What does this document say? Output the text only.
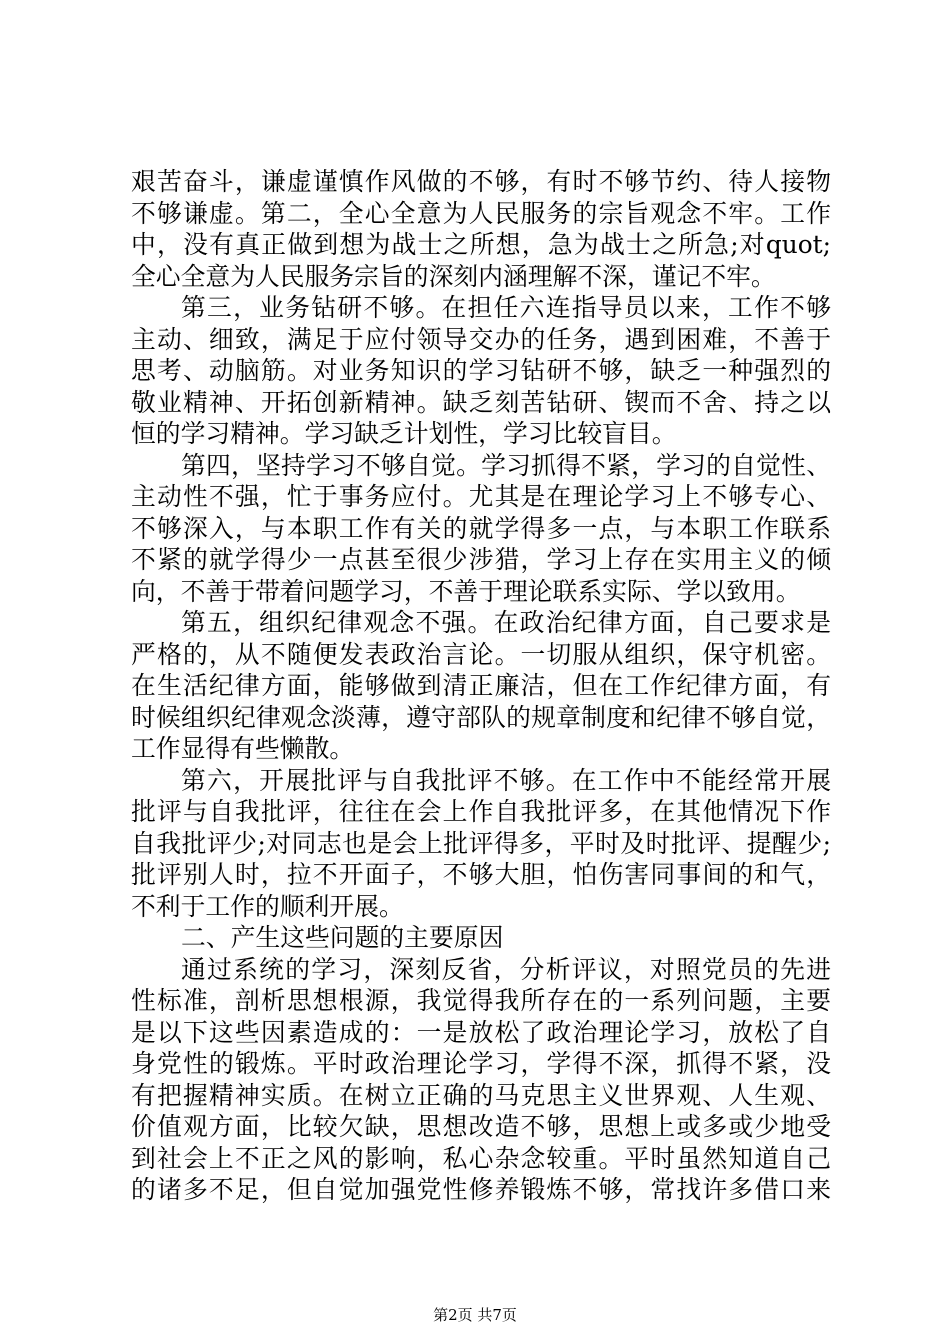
艰苦奋斗，谦虚谨慎作风做的不够，有时不够节约、待人接物
不够谦虚。第二，全心全意为人民服务的宗旨观念不牢。工作
中，没有真正做到想为战士之所想，急为战士之所急;对quot;
全心全意为人民服务宗旨的深刻内涵理解不深，谨记不牢。
第三，业务钻研不够。在担任六连指导员以来，工作不够
主动、细致，满足于应付领导交办的任务，遇到困难，不善于
思考、动脑筋。对业务知识的学习钻研不够，缺乏一种强烈的
敬业精神、开拓创新精神。缺乏刻苦钻研、锲而不舍、持之以
恒的学习精神。学习缺乏计划性，学习比较盲目。
第四，坚持学习不够自觉。学习抓得不紧，学习的自觉性、
主动性不强，忙于事务应付。尤其是在理论学习上不够专心、
不够深入，与本职工作有关的就学得多一点，与本职工作联系
不紧的就学得少一点甚至很少涉猎，学习上存在实用主义的倾
向，不善于带着问题学习，不善于理论联系实际、学以致用。
第五，组织纪律观念不强。在政治纪律方面，自己要求是
严格的，从不随便发表政治言论。一切服从组织，保守机密。
在生活纪律方面，能够做到清正廉洁，但在工作纪律方面，有
时候组织纪律观念淡薄，遵守部队的规章制度和纪律不够自觉，
工作显得有些懒散。
第六，开展批评与自我批评不够。在工作中不能经常开展
批评与自我批评，往往在会上作自我批评多，在其他情况下作
自我批评少;对同志也是会上批评得多，平时及时批评、提醒少;
批评别人时，拉不开面子，不够大胆，怕伤害同事间的和气，
不利于工作的顺利开展。
二、产生这些问题的主要原因
通过系统的学习，深刻反省，分析评议，对照党员的先进
性标准，剖析思想根源，我觉得我所存在的一系列问题，主要
是以下这些因素造成的：一是放松了政治理论学习，放松了自
身党性的锻炼。平时政治理论学习，学得不深，抓得不紧，没
有把握精神实质。在树立正确的马克思主义世界观、人生观、
价值观方面，比较欠缺，思想改造不够，思想上或多或少地受
到社会上不正之风的影响，私心杂念较重。平时虽然知道自己
的诸多不足，但自觉加强党性修养锻炼不够，常找许多借口来
第2页 共7页
